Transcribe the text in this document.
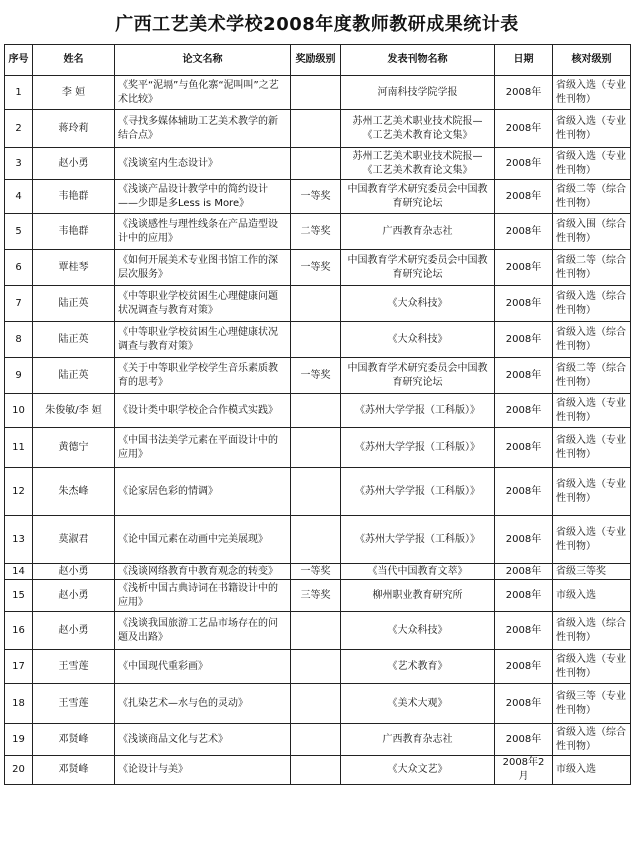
广西工艺美术学校2008年度教师教研成果统计表
序号	姓名	论文名称	奖励级别	发表刊物名称	日期	核对级别
1	李 姮	《奖平“泥塥”与鱼化寨“泥叫叫”之艺术比较》		河南科技学院学报	2008年	省级入选（专业性刊物）
2	蒋玲莉	《寻找多媒体辅助工艺美术教学的新结合点》		苏州工艺美术职业技术院报—《工艺美术教育论文集》	2008年	省级入选（专业性刊物）
3	赵小勇	《浅谈室内生态设计》		苏州工艺美术职业技术院报—《工艺美术教育论文集》	2008年	省级入选（专业性刊物）
4	韦艳群	《浅谈产品设计教学中的简约设计——少即是多Less is More》	一等奖	中国教育学术研究委员会中国教育研究论坛	2008年	省级二等（综合性刊物）
5	韦艳群	《浅谈感性与理性线条在产品造型设计中的应用》	二等奖	广西教育杂志社	2008年	省级入围（综合性刊物）
6	覃桂琴	《如何开展美术专业图书馆工作的深层次服务》	一等奖	中国教育学术研究委员会中国教育研究论坛	2008年	省级二等（综合性刊物）
7	陆正英	《中等职业学校贫困生心理健康问题状况调查与教育对策》		《大众科技》	2008年	省级入选（综合性刊物）
8	陆正英	《中等职业学校贫困生心理健康状况调查与教育对策》		《大众科技》	2008年	省级入选（综合性刊物）
9	陆正英	《关于中等职业学校学生音乐素质教育的思考》	一等奖	中国教育学术研究委员会中国教育研究论坛	2008年	省级二等（综合性刊物）
10	朱俊敏/李 姮	《设计类中职学校企合作模式实践》		《苏州大学学报（工科版）》	2008年	省级入选（专业性刊物）
11	黄德宁	《中国书法美学元素在平面设计中的应用》		《苏州大学学报（工科版）》	2008年	省级入选（专业性刊物）
12	朱杰峰	《论家居色彩的情调》		《苏州大学学报（工科版）》	2008年	省级入选（专业性刊物）
13	莫淑君	《论中国元素在动画中完美展现》		《苏州大学学报（工科版）》	2008年	省级入选（专业性刊物）
14	赵小勇	《浅谈网络教育中教育观念的转变》	一等奖	《当代中国教育文萃》	2008年	省级三等奖
15	赵小勇	《浅析中国古典诗词在书籍设计中的应用》	三等奖	柳州职业教育研究所	2008年	市级入选
16	赵小勇	《浅谈我国旅游工艺品市场存在的问题及出路》		《大众科技》	2008年	省级入选（综合性刊物）
17	王雪莲	《中国现代重彩画》		《艺术教育》	2008年	省级入选（专业性刊物）
18	王雪莲	《扎染艺术—水与色的灵动》		《美术大观》	2008年	省级三等（专业性刊物）
19	邓贤峰	《浅谈商品文化与艺术》		广西教育杂志社	2008年	省级入选（综合性刊物）
20	邓贤峰	《论设计与美》		《大众文艺》	2008年2月	市级入选
